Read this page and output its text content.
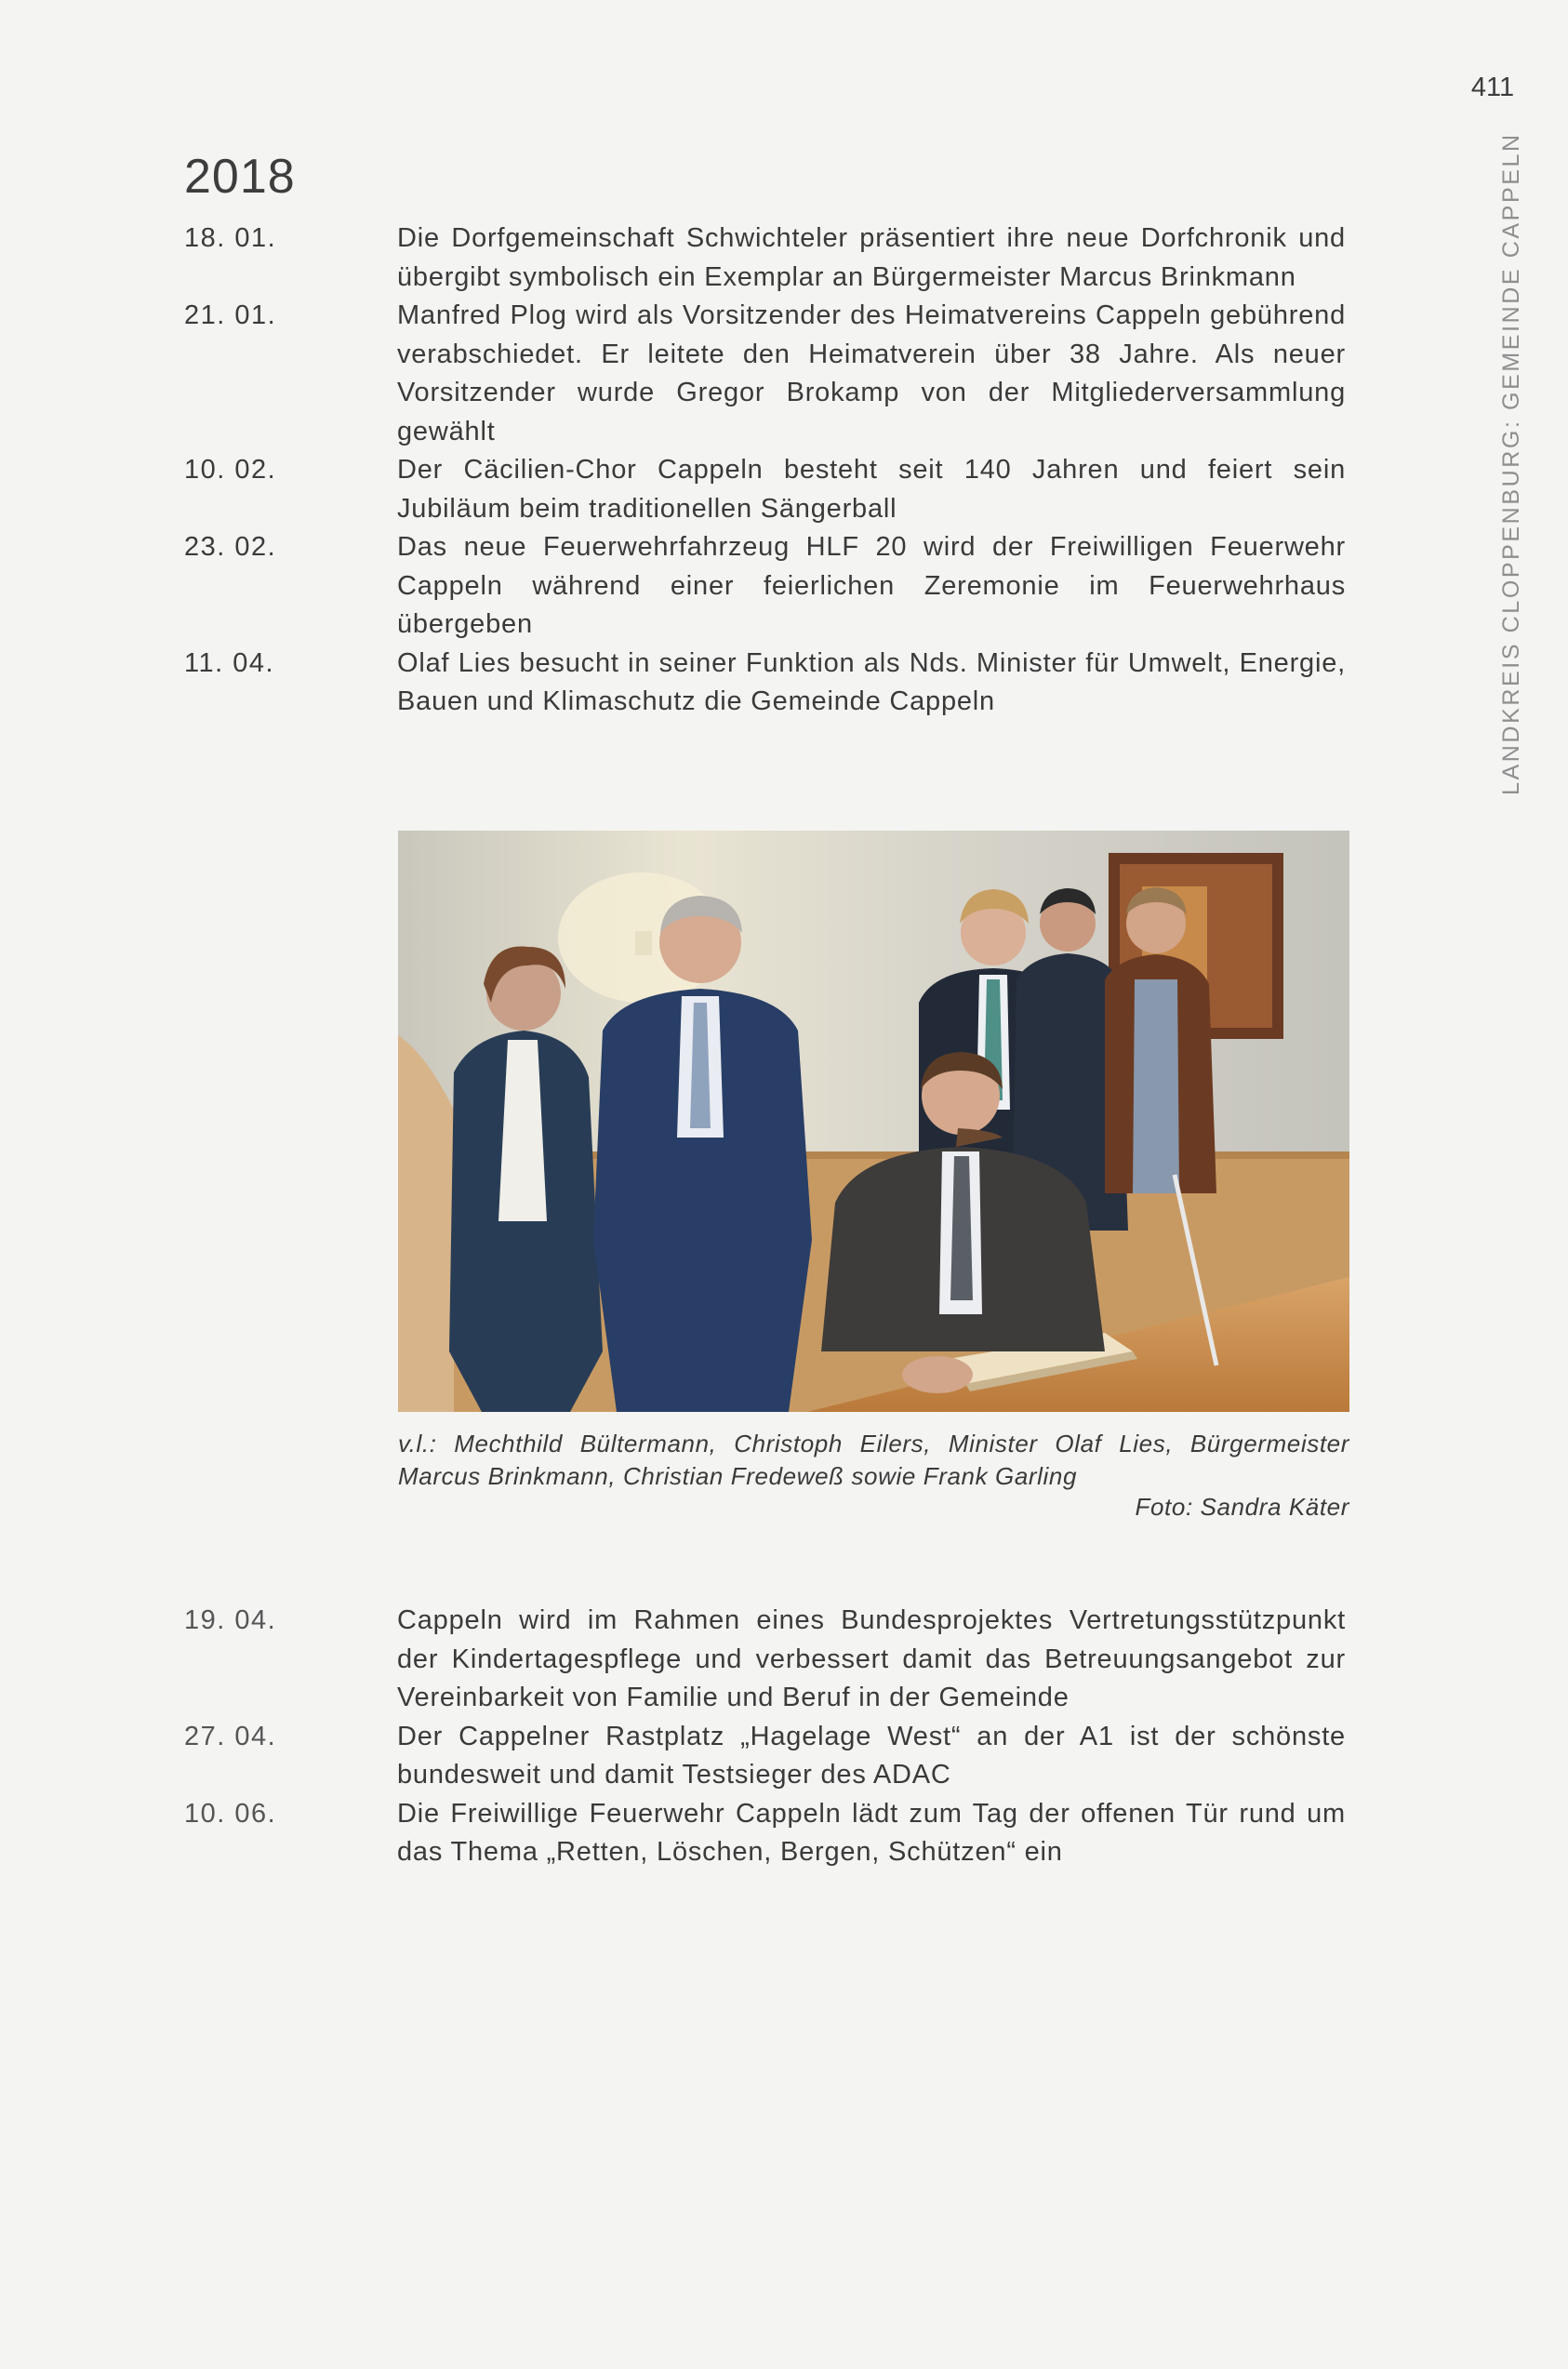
411
LANDKREIS CLOPPENBURG: GEMEINDE CAPPELN
2018
18. 01.	Die Dorfgemeinschaft Schwichteler präsentiert ihre neue Dorfchronik und übergibt symbolisch ein Exemplar an Bürgermeister Marcus Brinkmann
21. 01.	Manfred Plog wird als Vorsitzender des Heimatvereins Cappeln gebührend verabschiedet. Er leitete den Heimatverein über 38 Jahre. Als neuer Vorsitzender wurde Gregor Brokamp von der Mitgliederversammlung gewählt
10. 02.	Der Cäcilien-Chor Cappeln besteht seit 140 Jahren und feiert sein Jubiläum beim traditionellen Sängerball
23. 02.	Das neue Feuerwehrfahrzeug HLF 20 wird der Freiwilligen Feuerwehr Cappeln während einer feierlichen Zeremonie im Feuerwehrhaus übergeben
11. 04.	Olaf Lies besucht in seiner Funktion als Nds. Minister für Umwelt, Energie, Bauen und Klimaschutz die Gemeinde Cappeln
v.l.: Mechthild Bültermann, Christoph Eilers, Minister Olaf Lies, Bürgermeister Marcus Brinkmann, Christian Fredeweß sowie Frank Garling
Foto: Sandra Käter
19. 04.	Cappeln wird im Rahmen eines Bundesprojektes Vertretungsstützpunkt der Kindertagespflege und verbessert damit das Betreuungsangebot zur Vereinbarkeit von Familie und Beruf in der Gemeinde
27. 04.	Der Cappelner Rastplatz „Hagelage West“ an der A1 ist der schönste bundesweit und damit Testsieger des ADAC
10. 06.	Die Freiwillige Feuerwehr Cappeln lädt zum Tag der offenen Tür rund um das Thema „Retten, Löschen, Bergen, Schützen“ ein
